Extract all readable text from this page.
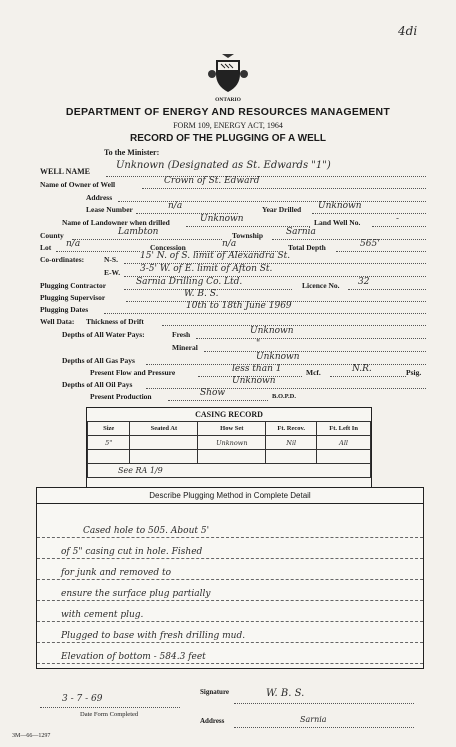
4di
ONTARIO
DEPARTMENT OF ENERGY AND RESOURCES MANAGEMENT
FORM 109, ENERGY ACT, 1964
RECORD OF THE PLUGGING OF A WELL
To the Minister:
WELL NAME
Unknown (Designated as St. Edwards "1")
Name of Owner of Well	Crown of St. Edward
Address
Lease Number	n/a	Year Drilled Unknown
Name of Landowner when drilled	Unknown	Land Well No.	-
County	Lambton	Township	Sarnia
Lot n/a	Concession	n/a	Total Depth	565'
Co-ordinates:	N-S. 15' N. of S. limit of Alexandra St.
E-W. 3-5' W. of E. limit of Afton St.
Plugging Contractor	Sarnia Drilling Co. Ltd.	Licence No. 32
Plugging Supervisor	W. B. S.
Plugging Dates	10th to 18th June 1969
Well Data: Thickness of Drift
Depths of All Water Pays:	Fresh	Unknown
Mineral	"
Depths of All Gas Pays	Unknown
Present Flow and Pressure	less than 1	Mcf.	N.R.	Psig.
Depths of All Oil Pays	Unknown
Present Production	Show	B.O.P.D.
CASING RECORD
Size	Seated At	How Set	Ft. Recov.	Ft. Left In
5"		Unknown	Nil	All

See RA 1/9				
Describe Plugging Method in Complete Detail
Cased hole to 505. About 5'
of 5" casing cut in hole. Fished
for junk and removed to
ensure the surface plug partially
with cement plug.
Plugged to base with fresh drilling mud.
Elevation of bottom - 584.3 feet
W. B. S.
Signature
3 - 7 - 69
Date Form Completed
Address	Sarnia
3M—66—1297
